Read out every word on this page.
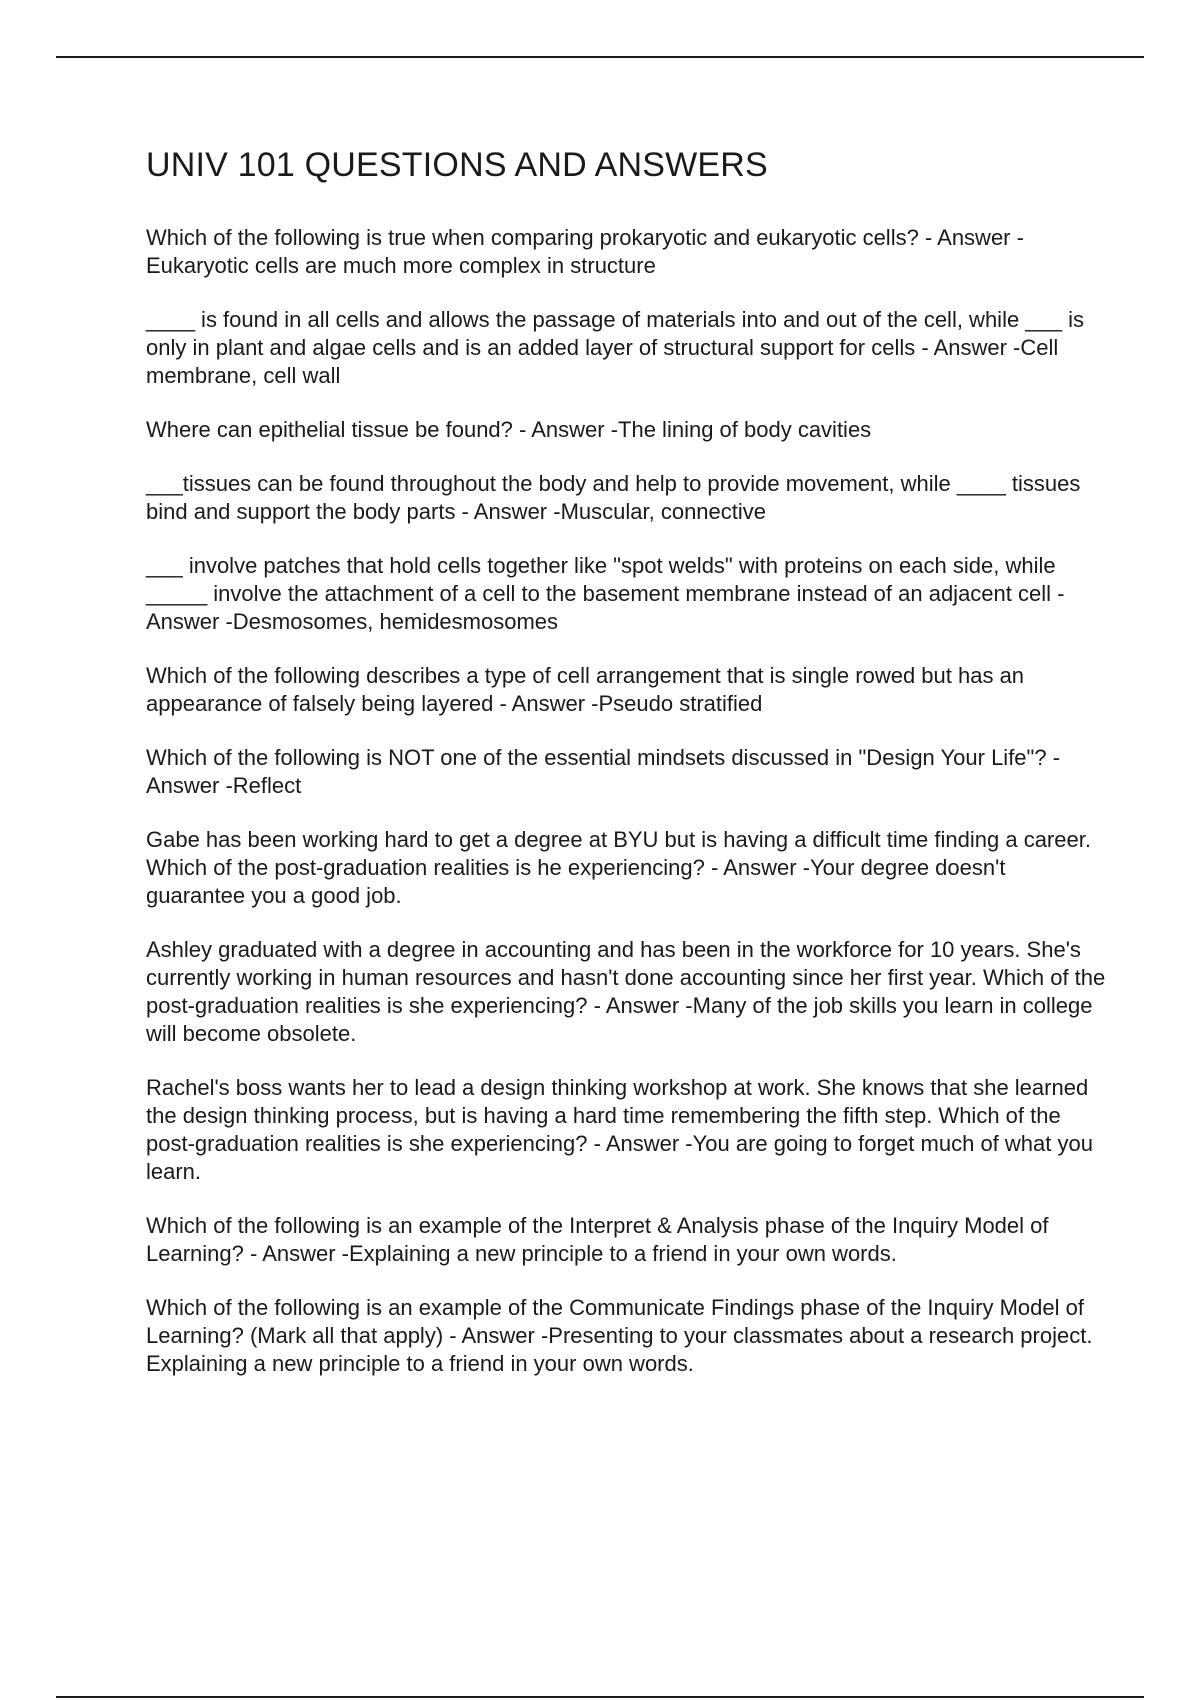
UNIV 101 QUESTIONS AND ANSWERS
Which of the following is true when comparing prokaryotic and eukaryotic cells? - Answer -Eukaryotic cells are much more complex in structure
____ is found in all cells and allows the passage of materials into and out of the cell, while ___ is only in plant and algae cells and is an added layer of structural support for cells - Answer -Cell membrane, cell wall
Where can epithelial tissue be found? - Answer -The lining of body cavities
___tissues can be found throughout the body and help to provide movement, while ____ tissues bind and support the body parts - Answer -Muscular, connective
___ involve patches that hold cells together like "spot welds" with proteins on each side, while _____ involve the attachment of a cell to the basement membrane instead of an adjacent cell - Answer -Desmosomes, hemidesmosomes
Which of the following describes a type of cell arrangement that is single rowed but has an appearance of falsely being layered - Answer -Pseudo stratified
Which of the following is NOT one of the essential mindsets discussed in "Design Your Life"? - Answer -Reflect
Gabe has been working hard to get a degree at BYU but is having a difficult time finding a career. Which of the post-graduation realities is he experiencing? - Answer -Your degree doesn't guarantee you a good job.
Ashley graduated with a degree in accounting and has been in the workforce for 10 years. She's currently working in human resources and hasn't done accounting since her first year. Which of the post-graduation realities is she experiencing? - Answer -Many of the job skills you learn in college will become obsolete.
Rachel's boss wants her to lead a design thinking workshop at work. She knows that she learned the design thinking process, but is having a hard time remembering the fifth step. Which of the post-graduation realities is she experiencing? - Answer -You are going to forget much of what you learn.
Which of the following is an example of the Interpret & Analysis phase of the Inquiry Model of Learning? - Answer -Explaining a new principle to a friend in your own words.
Which of the following is an example of the Communicate Findings phase of the Inquiry Model of Learning? (Mark all that apply) - Answer -Presenting to your classmates about a research project. Explaining a new principle to a friend in your own words.
